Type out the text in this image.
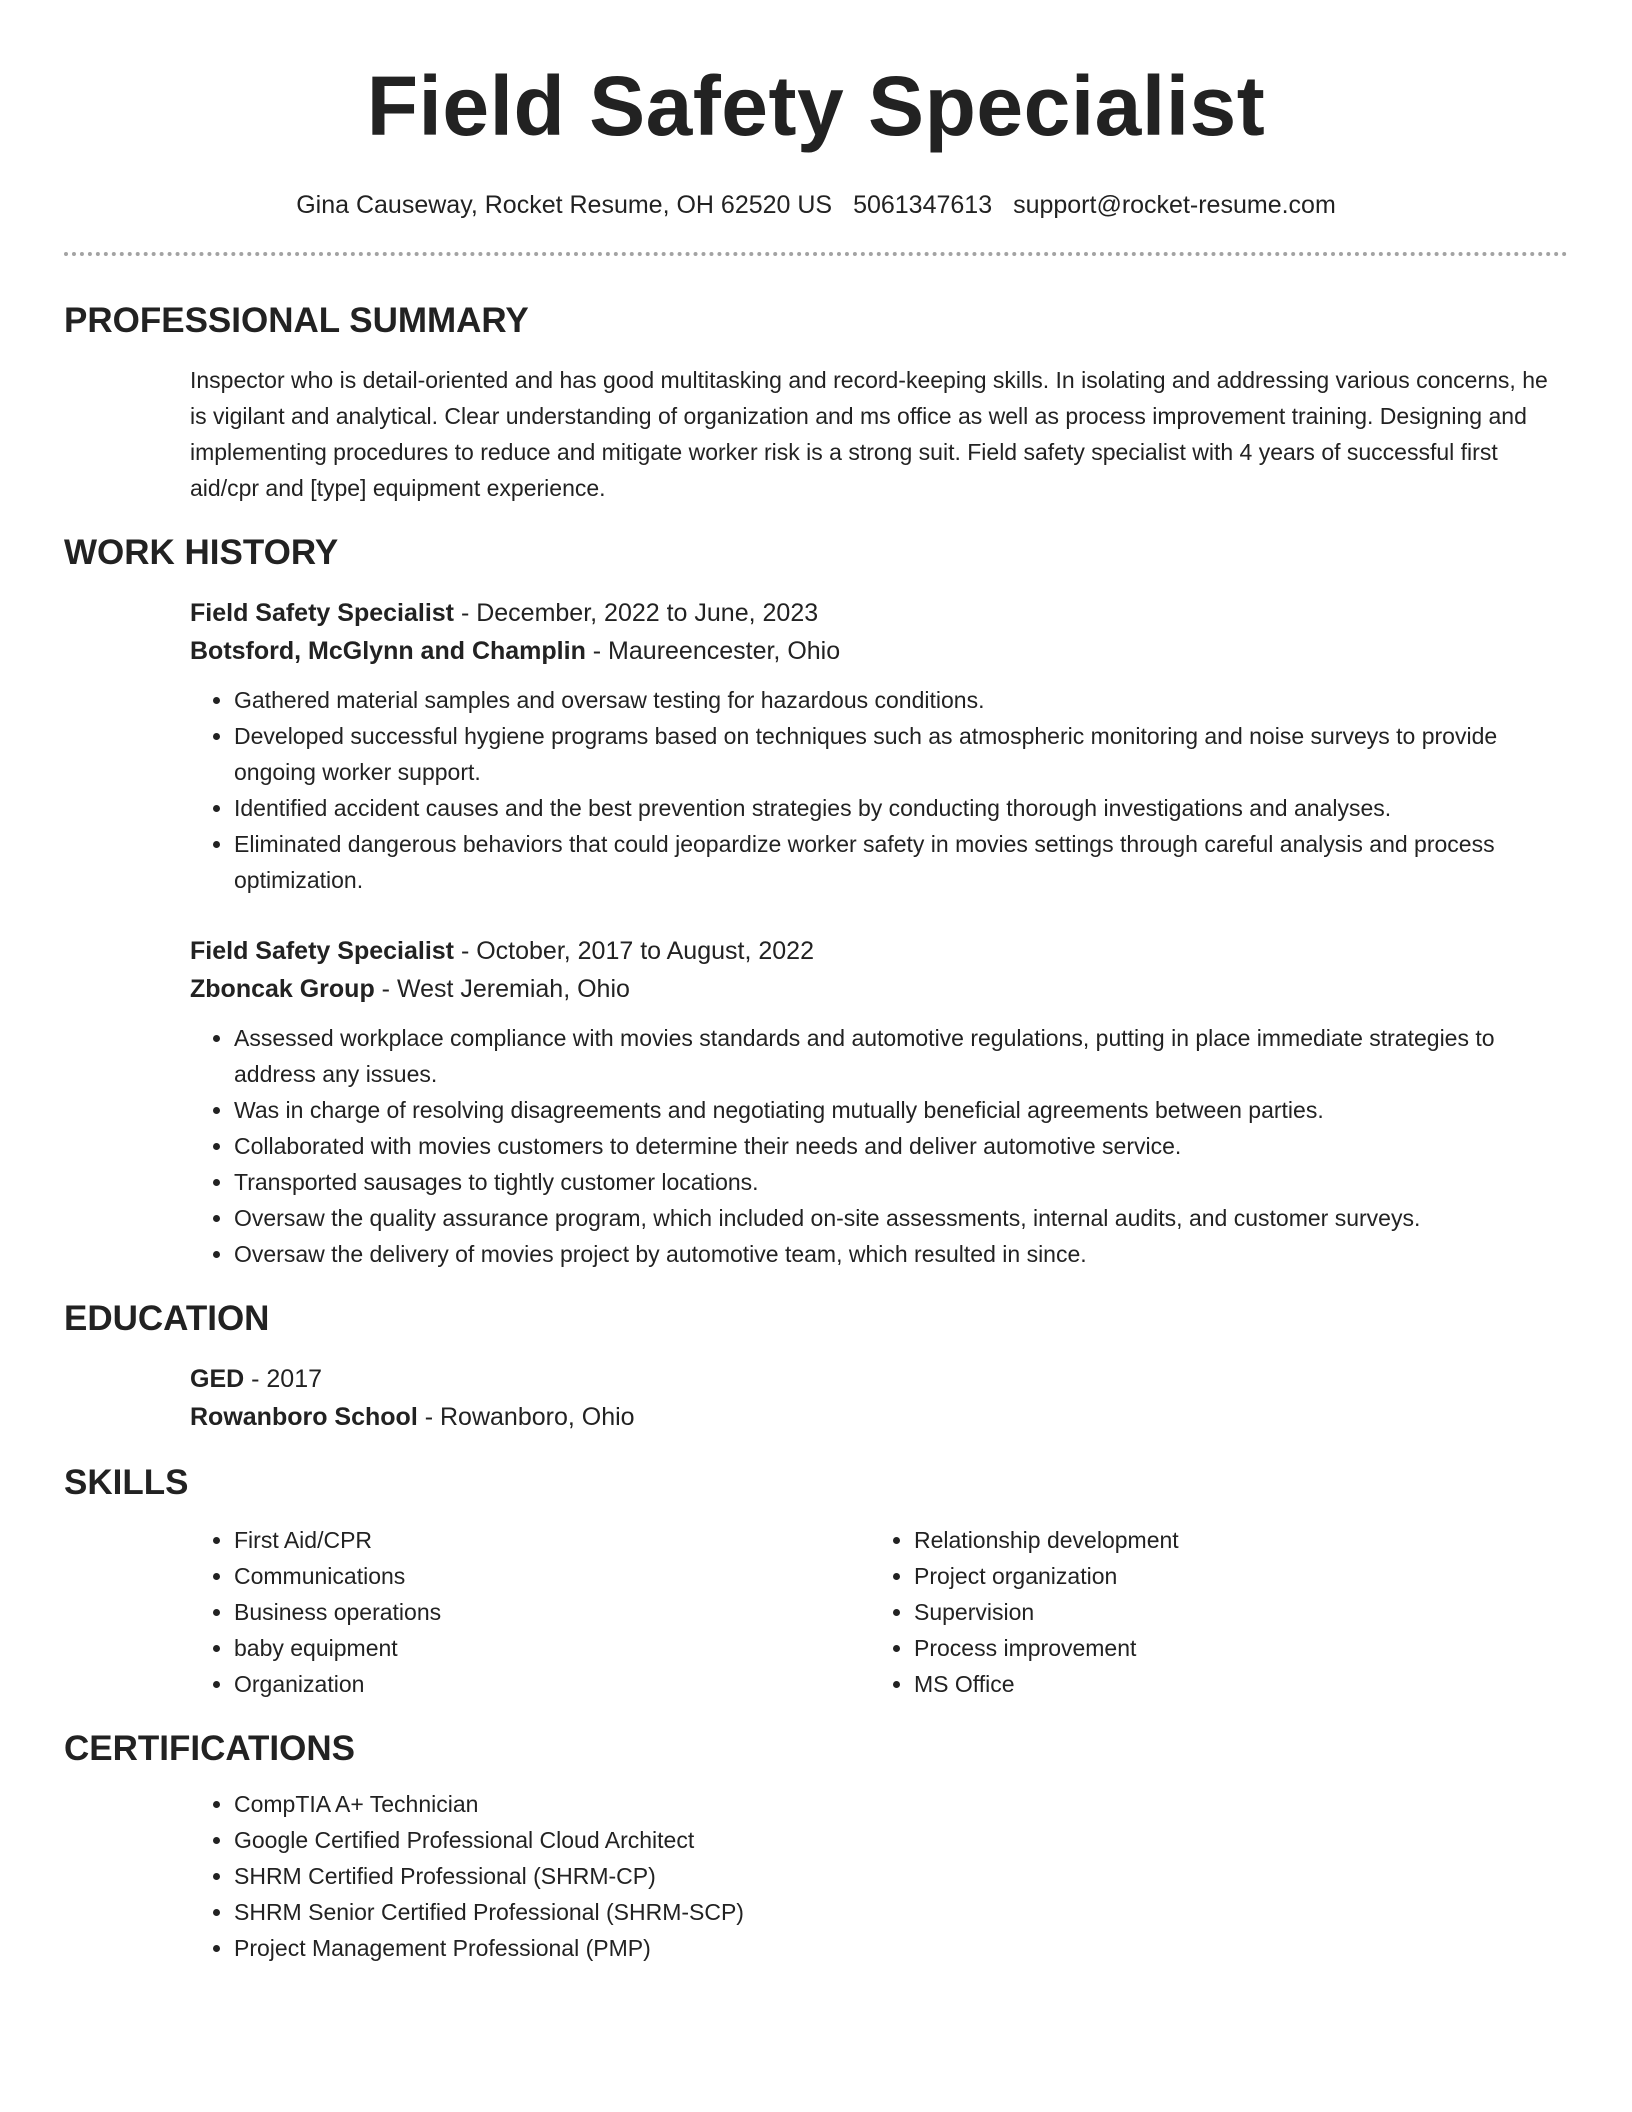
Field Safety Specialist
Gina Causeway, Rocket Resume, OH 62520 US 5061347613 support@rocket-resume.com
PROFESSIONAL SUMMARY
Inspector who is detail-oriented and has good multitasking and record-keeping skills. In isolating and addressing various concerns, he is vigilant and analytical. Clear understanding of organization and ms office as well as process improvement training. Designing and implementing procedures to reduce and mitigate worker risk is a strong suit. Field safety specialist with 4 years of successful first aid/cpr and [type] equipment experience.
WORK HISTORY
Field Safety Specialist - December, 2022 to June, 2023
Botsford, McGlynn and Champlin - Maureencester, Ohio
• Gathered material samples and oversaw testing for hazardous conditions.
• Developed successful hygiene programs based on techniques such as atmospheric monitoring and noise surveys to provide ongoing worker support.
• Identified accident causes and the best prevention strategies by conducting thorough investigations and analyses.
• Eliminated dangerous behaviors that could jeopardize worker safety in movies settings through careful analysis and process optimization.
Field Safety Specialist - October, 2017 to August, 2022
Zboncak Group - West Jeremiah, Ohio
• Assessed workplace compliance with movies standards and automotive regulations, putting in place immediate strategies to address any issues.
• Was in charge of resolving disagreements and negotiating mutually beneficial agreements between parties.
• Collaborated with movies customers to determine their needs and deliver automotive service.
• Transported sausages to tightly customer locations.
• Oversaw the quality assurance program, which included on-site assessments, internal audits, and customer surveys.
• Oversaw the delivery of movies project by automotive team, which resulted in since.
EDUCATION
GED - 2017
Rowanboro School - Rowanboro, Ohio
SKILLS
• First Aid/CPR
• Communications
• Business operations
• baby equipment
• Organization
• Relationship development
• Project organization
• Supervision
• Process improvement
• MS Office
CERTIFICATIONS
• CompTIA A+ Technician
• Google Certified Professional Cloud Architect
• SHRM Certified Professional (SHRM-CP)
• SHRM Senior Certified Professional (SHRM-SCP)
• Project Management Professional (PMP)
